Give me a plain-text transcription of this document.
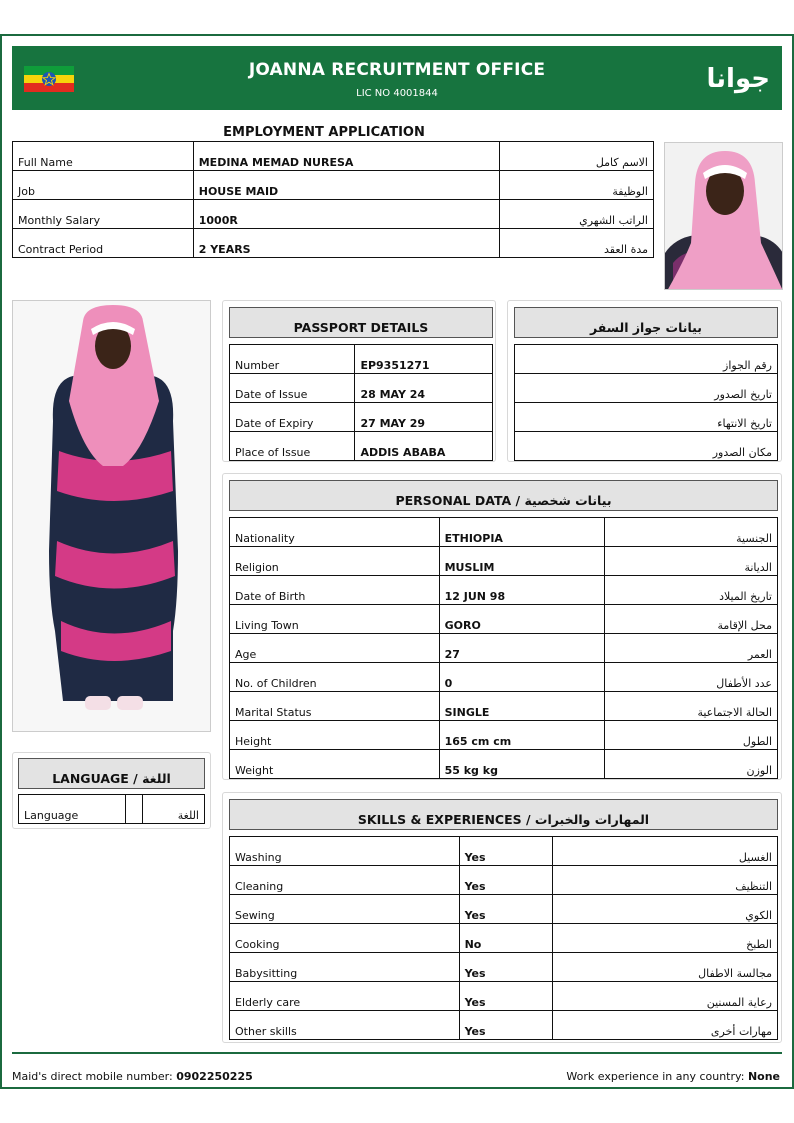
JOANNA RECRUITMENT OFFICE
LIC NO 4001844	جوانا
EMPLOYMENT APPLICATION
Full Name	MEDINA MEMAD NURESA	الاسم كامل
Job	HOUSE MAID	الوظيفة
Monthly Salary	1000R	الراتب الشهري
Contract Period	2 YEARS	مدة العقد
PASSPORT DETAILS
Number	EP9351271
Date of Issue	28 MAY 24
Date of Expiry	27 MAY 29
Place of Issue	ADDIS ABABA
بيانات جواز السفر
رقم الجواز
تاريخ الصدور
تاريخ الانتهاء
مكان الصدور
PERSONAL DATA / بيانات شخصية
Nationality	ETHIOPIA	الجنسية
Religion	MUSLIM	الديانة
Date of Birth	12 JUN 98	تاريخ الميلاد
Living Town	GORO	محل الإقامة
Age	27	العمر
No. of Children	0	عدد الأطفال
Marital Status	SINGLE	الحالة الاجتماعية
Height	165 cm cm	الطول
Weight	55 kg kg	الوزن
LANGUAGE / اللغة
Language		اللغة	SKILLS & EXPERIENCES / المهارات والخبرات
Washing	Yes	الغسيل
Cleaning	Yes	التنظيف
Sewing	Yes	الكوي
Cooking	No	الطبخ
Babysitting	Yes	مجالسة الاطفال
Elderly care	Yes	رعاية المسنين
Other skills	Yes	مهارات أخرى
Maid's direct mobile number: 0902250225	Work experience in any country: None
